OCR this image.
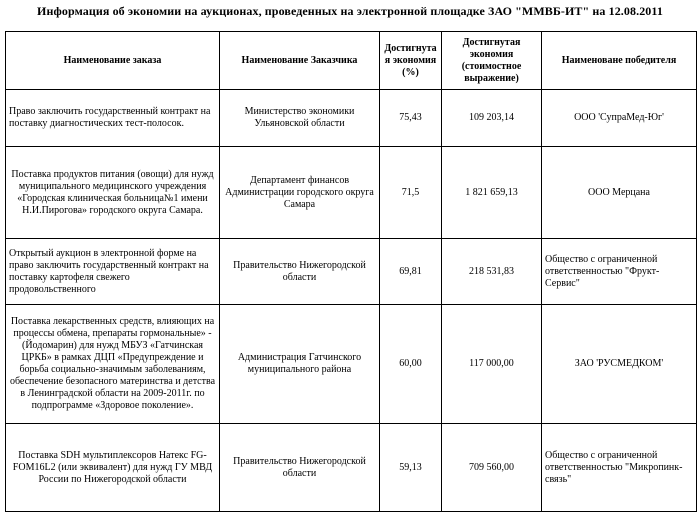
Информация об экономии на аукционах, проведенных на электронной площадке ЗАО "ММВБ-ИТ" на 12.08.2011
Наименование заказа	Наименование Заказчика	Достигнута я экономия (%)	Достигнутая экономия (стоимостное выражение)	Наименоване победителя
Право заключить государственный контракт на поставку диагностических тест-полосок.	Министерство экономики Ульяновской области	75,43	109 203,14	ООО 'СупраМед-Юг'
Поставка продуктов питания (овощи) для нужд муниципального медицинского учреждения «Городская клиническая больница№1 имени Н.И.Пирогова» городского округа Самара.	Департамент финансов Администрации городского округа Самара	71,5	1 821 659,13	ООО Мерцана
Открытый аукцион в электронной форме на право заключить государственный контракт на поставку картофеля свежего продовольственного	Правительство Нижегородской области	69,81	218 531,83	Общество с ограниченной ответственностью "Фрукт-Сервис"
Поставка лекарственных средств, влияющих на процессы обмена, препараты гормональные» - (Йодомарин) для нужд МБУЗ «Гатчинская ЦРКБ» в рамках ДЦП «Предупреждение и борьба социально-значимым заболеваниям, обеспечение безопасного материнства и детства в Ленинградской области на 2009-2011г. по подпрограмме «Здоровое поколение».	Администрация Гатчинского муниципального района	60,00	117 000,00	ЗАО 'РУСМЕДКОМ'
Поставка SDH мультиплексоров Натекс FG-FOM16L2 (или эквивалент) для нужд ГУ МВД России по Нижегородской области	Правительство Нижегородской области	59,13	709 560,00	Общество с ограниченной ответственностью "Микропинк-связь"
